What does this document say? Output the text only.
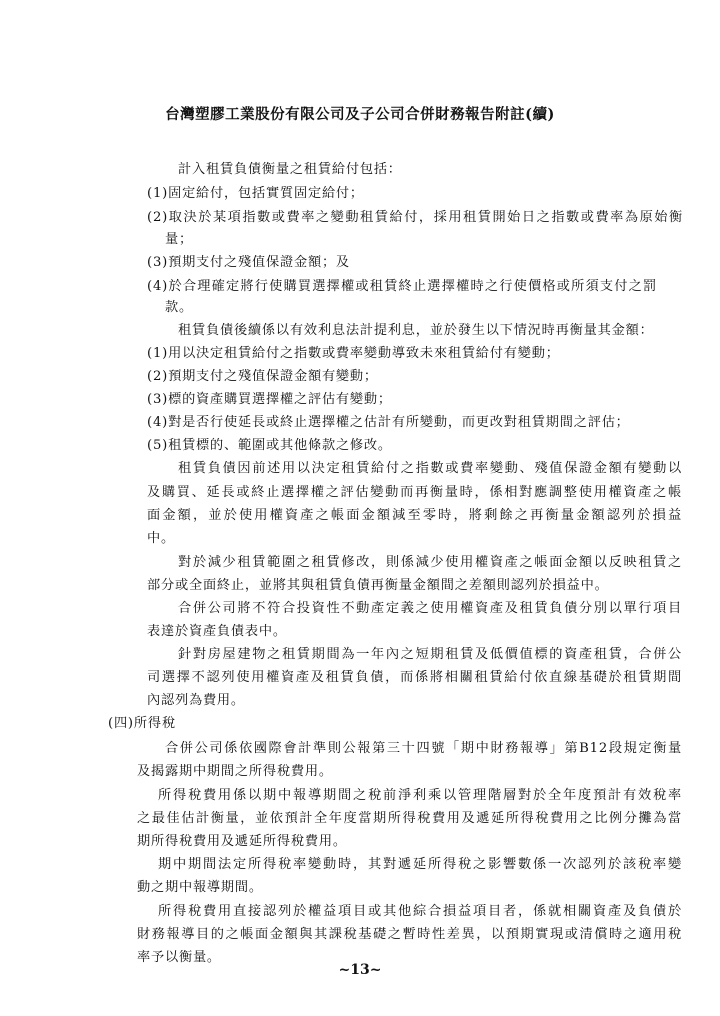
台灣塑膠工業股份有限公司及子公司合併財務報告附註(續)
計入租賃負債衡量之租賃給付包括：
(1)固定給付，包括實質固定給付；
(2)取決於某項指數或費率之變動租賃給付，採用租賃開始日之指數或費率為原始衡
量；
(3)預期支付之殘值保證金額；及
(4)於合理確定將行使購買選擇權或租賃終止選擇權時之行使價格或所須支付之罰
款。
租賃負債後續係以有效利息法計提利息，並於發生以下情況時再衡量其金額：
(1)用以決定租賃給付之指數或費率變動導致未來租賃給付有變動；
(2)預期支付之殘值保證金額有變動；
(3)標的資產購買選擇權之評估有變動；
(4)對是否行使延長或終止選擇權之估計有所變動，而更改對租賃期間之評估；
(5)租賃標的、範圍或其他條款之修改。
租賃負債因前述用以決定租賃給付之指數或費率變動、殘值保證金額有變動以
及購買、延長或終止選擇權之評估變動而再衡量時，係相對應調整使用權資產之帳
面金額，並於使用權資產之帳面金額減至零時，將剩餘之再衡量金額認列於損益
中。
對於減少租賃範圍之租賃修改，則係減少使用權資產之帳面金額以反映租賃之
部分或全面終止，並將其與租賃負債再衡量金額間之差額則認列於損益中。
合併公司將不符合投資性不動產定義之使用權資產及租賃負債分別以單行項目
表達於資產負債表中。
針對房屋建物之租賃期間為一年內之短期租賃及低價值標的資產租賃，合併公
司選擇不認列使用權資產及租賃負債，而係將相關租賃給付依直線基礎於租賃期間
內認列為費用。
(四)所得稅
合併公司係依國際會計準則公報第三十四號「期中財務報導」第B12段規定衡量
及揭露期中期間之所得稅費用。
所得稅費用係以期中報導期間之稅前淨利乘以管理階層對於全年度預計有效稅率
之最佳估計衡量，並依預計全年度當期所得稅費用及遞延所得稅費用之比例分攤為當
期所得稅費用及遞延所得稅費用。
期中期間法定所得稅率變動時，其對遞延所得稅之影響數係一次認列於該稅率變
動之期中報導期間。
所得稅費用直接認列於權益項目或其他綜合損益項目者，係就相關資產及負債於
財務報導目的之帳面金額與其課稅基礎之暫時性差異，以預期實現或清償時之適用稅
率予以衡量。
~13~
